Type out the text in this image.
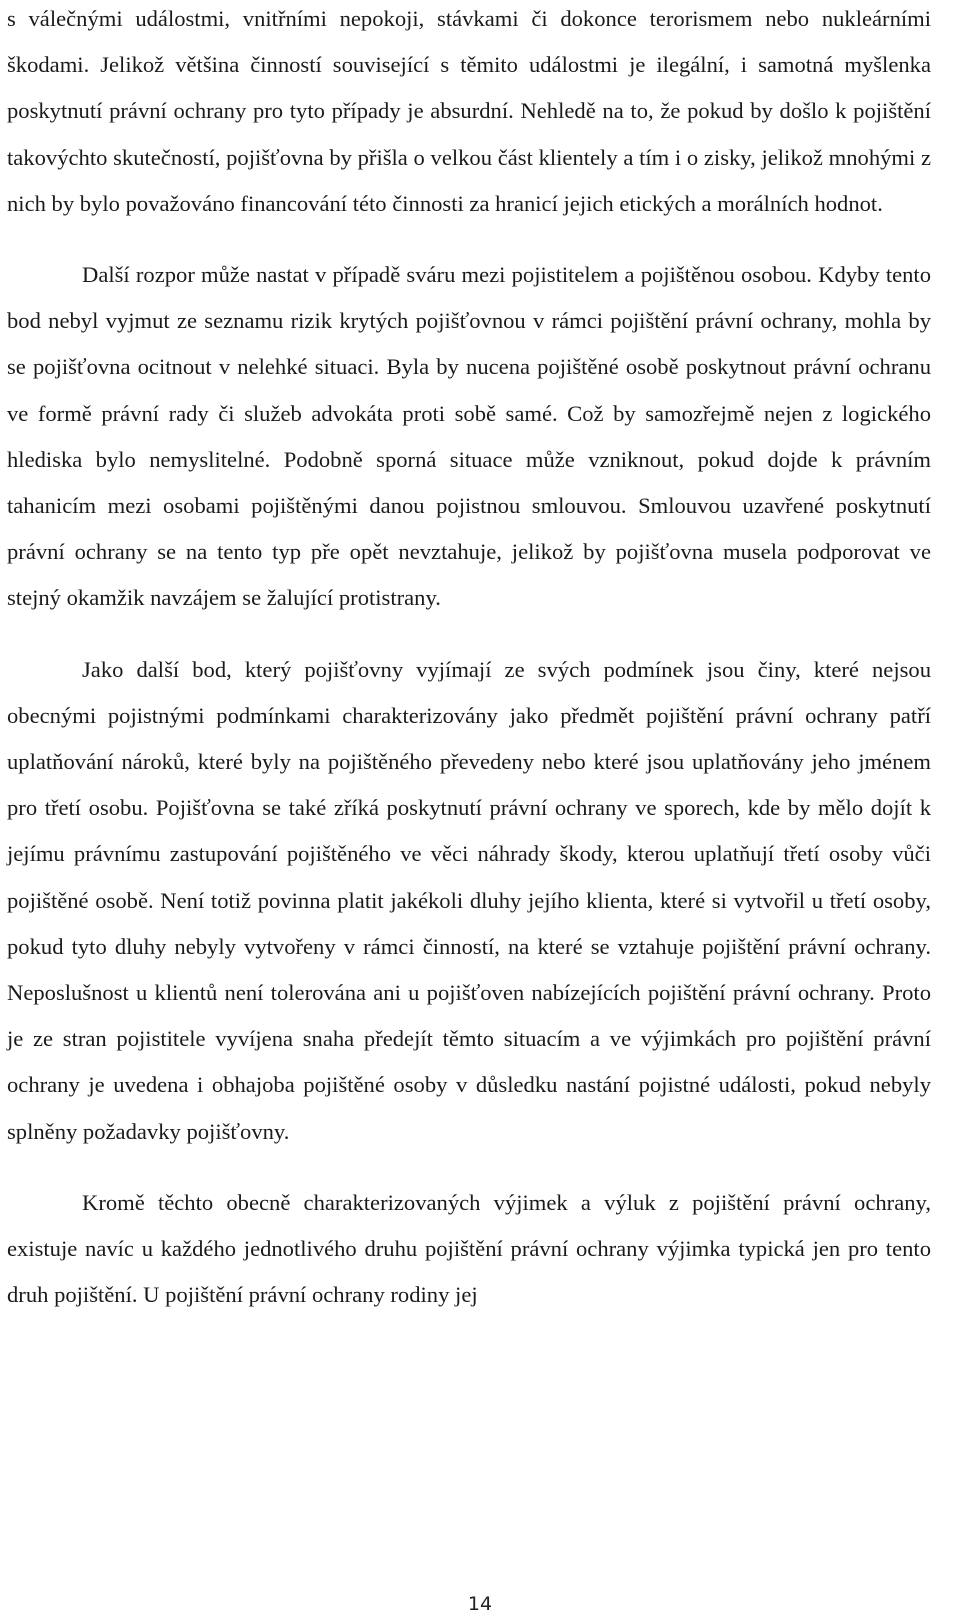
s válečnými událostmi, vnitřními nepokoji, stávkami či dokonce terorismem nebo nukleárními škodami. Jelikož většina činností související s těmito událostmi je ilegální, i samotná myšlenka poskytnutí právní ochrany pro tyto případy je absurdní. Nehledě na to, že pokud by došlo k pojištění takovýchto skutečností, pojišťovna by přišla o velkou část klientely a tím i o zisky, jelikož mnohými z nich by bylo považováno financování této činnosti za hranicí jejich etických a morálních hodnot.

Další rozpor může nastat v případě sváru mezi pojistitelem a pojištěnou osobou. Kdyby tento bod nebyl vyjmut ze seznamu rizik krytých pojišťovnou v rámci pojištění právní ochrany, mohla by se pojišťovna ocitnout v nelehké situaci. Byla by nucena pojištěné osobě poskytnout právní ochranu ve formě právní rady či služeb advokáta proti sobě samé. Což by samozřejmě nejen z logického hlediska bylo nemyslitelné. Podobně sporná situace může vzniknout, pokud dojde k právním tahanicím mezi osobami pojištěnými danou pojistnou smlouvou. Smlouvou uzavřené poskytnutí právní ochrany se na tento typ pře opět nevztahuje, jelikož by pojišťovna musela podporovat ve stejný okamžik navzájem se žalující protistrany.

Jako další bod, který pojišťovny vyjímají ze svých podmínek jsou činy, které nejsou obecnými pojistnými podmínkami charakterizovány jako předmět pojištění právní ochrany patří uplatňování nároků, které byly na pojištěného převedeny nebo které jsou uplatňovány jeho jménem pro třetí osobu. Pojišťovna se také zříká poskytnutí právní ochrany ve sporech, kde by mělo dojít k jejímu právnímu zastupování pojištěného ve věci náhrady škody, kterou uplatňují třetí osoby vůči pojištěné osobě. Není totiž povinna platit jakékoli dluhy jejího klienta, které si vytvořil u třetí osoby, pokud tyto dluhy nebyly vytvořeny v rámci činností, na které se vztahuje pojištění právní ochrany. Neposlušnost u klientů není tolerována ani u pojišťoven nabízejících pojištění právní ochrany. Proto je ze stran pojistitele vyvíjena snaha předejít těmto situacím a ve výjimkách pro pojištění právní ochrany je uvedena i obhajoba pojištěné osoby v důsledku nastání pojistné události, pokud nebyly splněny požadavky pojišťovny.

Kromě těchto obecně charakterizovaných výjimek a výluk z pojištění právní ochrany, existuje navíc u každého jednotlivého druhu pojištění právní ochrany výjimka typická jen pro tento druh pojištění. U pojištění právní ochrany rodiny jej

14
